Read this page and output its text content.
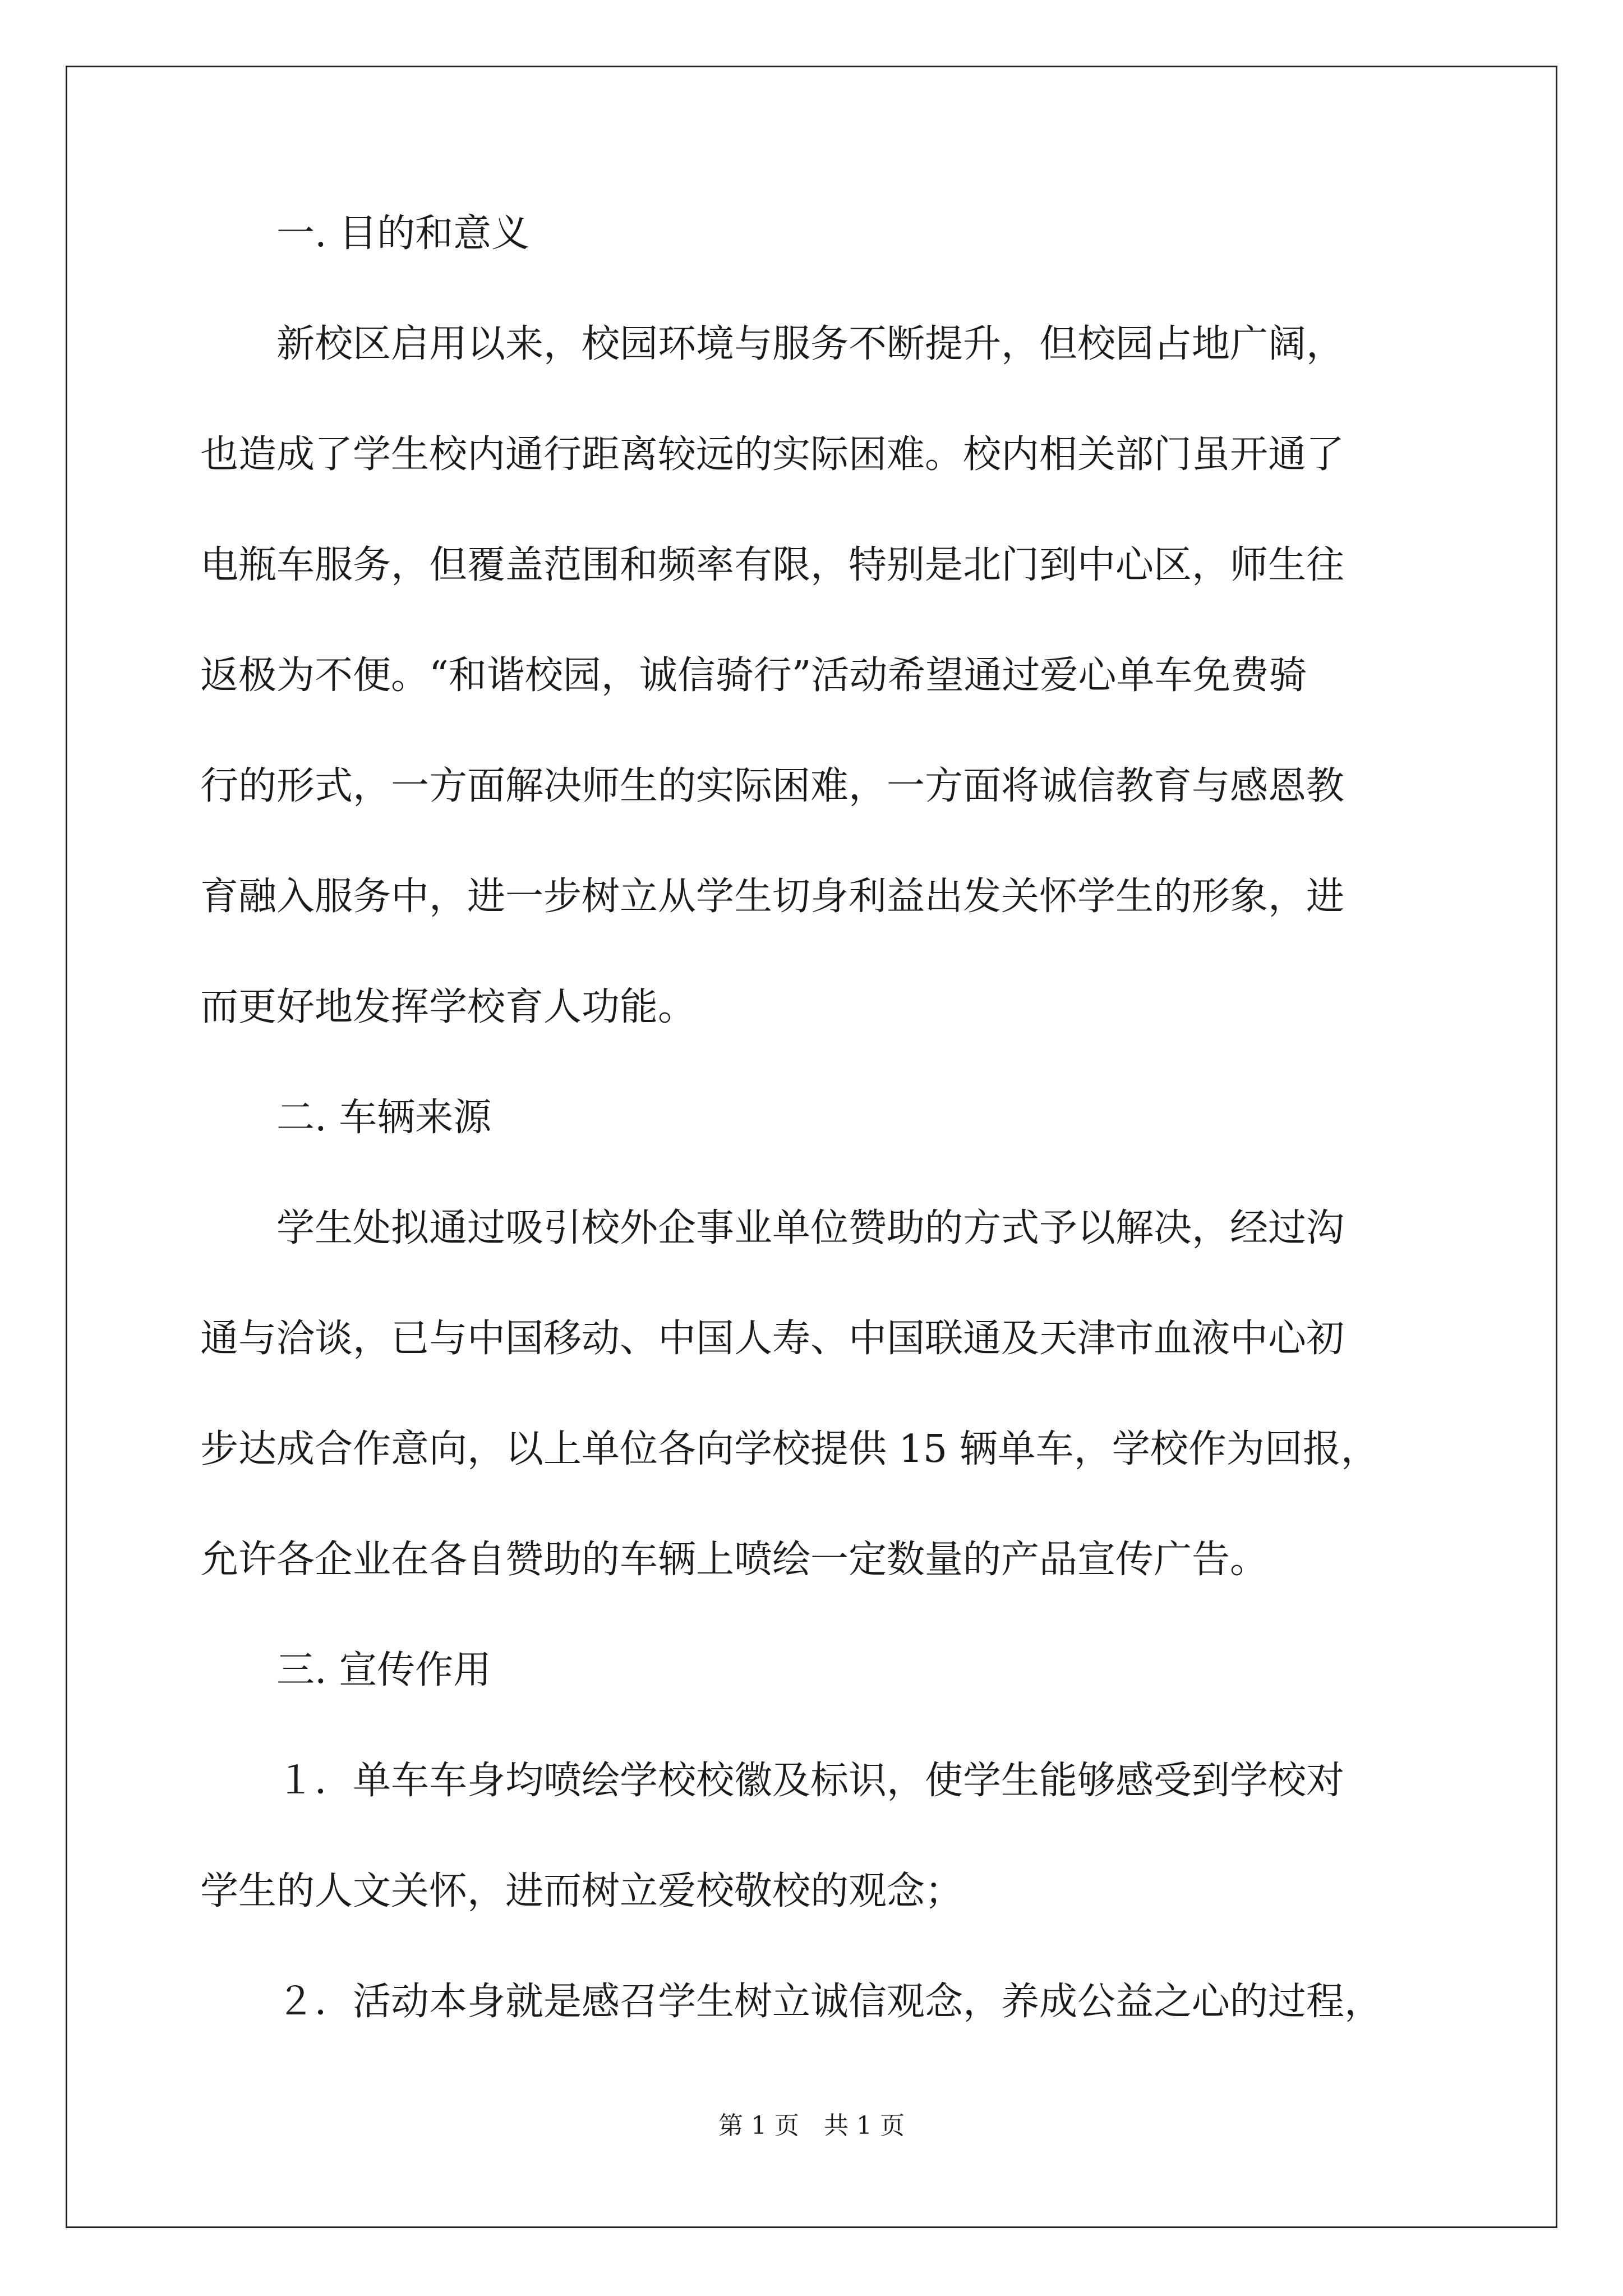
一. 目的和意义
新校区启用以来，校园环境与服务不断提升，但校园占地广阔，
也造成了学生校内通行距离较远的实际困难。校内相关部门虽开通了
电瓶车服务，但覆盖范围和频率有限，特别是北门到中心区，师生往
返极为不便。“和谐校园，诚信骑行”活动希望通过爱心单车免费骑
行的形式，一方面解决师生的实际困难，一方面将诚信教育与感恩教
育融入服务中，进一步树立从学生切身利益出发关怀学生的形象，进
而更好地发挥学校育人功能。
二. 车辆来源
学生处拟通过吸引校外企事业单位赞助的方式予以解决，经过沟
通与洽谈，已与中国移动、中国人寿、中国联通及天津市血液中心初
步达成合作意向，以上单位各向学校提供 15 辆单车，学校作为回报，
允许各企业在各自赞助的车辆上喷绘一定数量的产品宣传广告。
三. 宣传作用
１．单车车身均喷绘学校校徽及标识，使学生能够感受到学校对
学生的人文关怀，进而树立爱校敬校的观念；
２．活动本身就是感召学生树立诚信观念，养成公益之心的过程，
第 1 页　共 1 页
